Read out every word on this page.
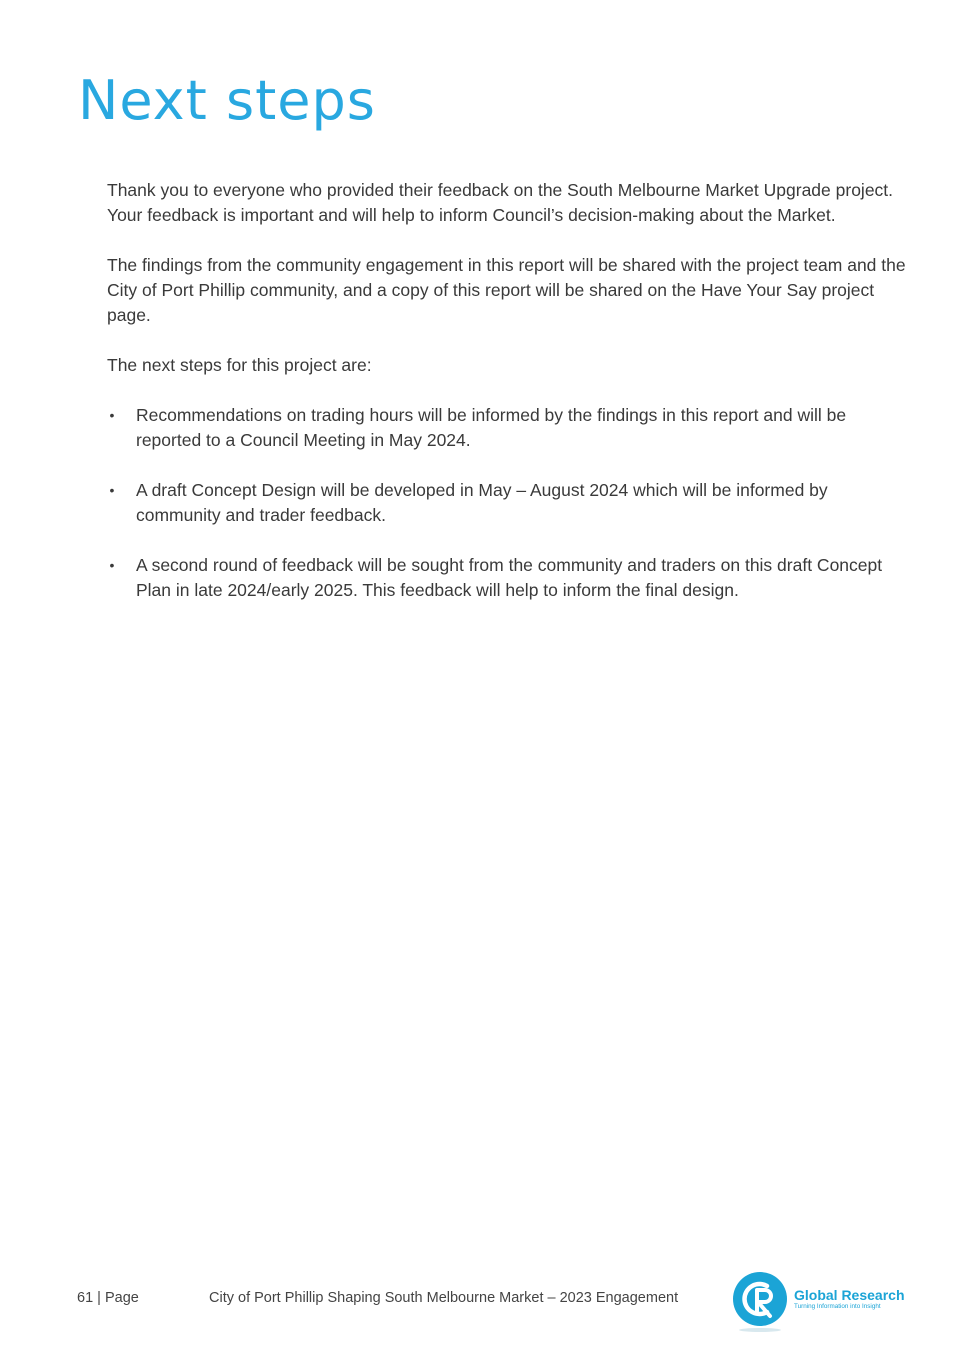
Next steps

Thank you to everyone who provided their feedback on the South Melbourne Market Upgrade project. Your feedback is important and will help to inform Council’s decision-making about the Market.

The findings from the community engagement in this report will be shared with the project team and the City of Port Phillip community, and a copy of this report will be shared on the Have Your Say project page.

The next steps for this project are:

• Recommendations on trading hours will be informed by the findings in this report and will be reported to a Council Meeting in May 2024.
• A draft Concept Design will be developed in May – August 2024 which will be informed by community and trader feedback.
• A second round of feedback will be sought from the community and traders on this draft Concept Plan in late 2024/early 2025. This feedback will help to inform the final design.
61 | Page	City of Port Phillip Shaping South Melbourne Market – 2023 Engagement	Global Research
Turning Information into Insight
